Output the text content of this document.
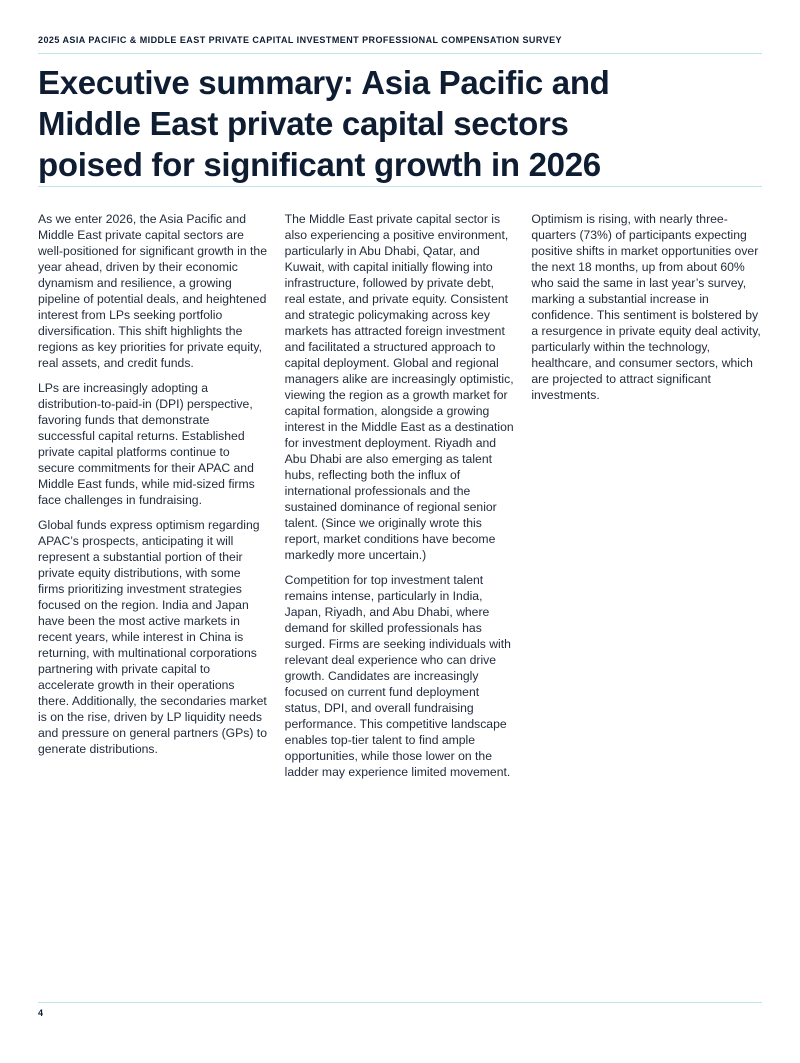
2025 ASIA PACIFIC & MIDDLE EAST PRIVATE CAPITAL INVESTMENT PROFESSIONAL COMPENSATION SURVEY
Executive summary: Asia Pacific and Middle East private capital sectors poised for significant growth in 2026

As we enter 2026, the Asia Pacific and Middle East private capital sectors are well-positioned for significant growth in the year ahead, driven by their economic dynamism and resilience, a growing pipeline of potential deals, and heightened interest from LPs seeking portfolio diversification. This shift highlights the regions as key priorities for private equity, real assets, and credit funds.

LPs are increasingly adopting a distribution-to-paid-in (DPI) perspective, favoring funds that demonstrate successful capital returns. Established private capital platforms continue to secure commitments for their APAC and Middle East funds, while mid-sized firms face challenges in fundraising.

Global funds express optimism regarding APAC’s prospects, anticipating it will represent a substantial portion of their private equity distributions, with some firms prioritizing investment strategies focused on the region. India and Japan have been the most active markets in recent years, while interest in China is returning, with multinational corporations partnering with private capital to accelerate growth in their operations there. Additionally, the secondaries market is on the rise, driven by LP liquidity needs and pressure on general partners (GPs) to generate distributions.

The Middle East private capital sector is also experiencing a positive environment, particularly in Abu Dhabi, Qatar, and Kuwait, with capital initially flowing into infrastructure, followed by private debt, real estate, and private equity. Consistent and strategic policymaking across key markets has attracted foreign investment and facilitated a structured approach to capital deployment. Global and regional managers alike are increasingly optimistic, viewing the region as a growth market for capital formation, alongside a growing interest in the Middle East as a destination for investment deployment. Riyadh and Abu Dhabi are also emerging as talent hubs, reflecting both the influx of international professionals and the sustained dominance of regional senior talent. (Since we originally wrote this report, market conditions have become markedly more uncertain.)

Competition for top investment talent remains intense, particularly in India, Japan, Riyadh, and Abu Dhabi, where demand for skilled professionals has surged. Firms are seeking individuals with relevant deal experience who can drive growth. Candidates are increasingly focused on current fund deployment status, DPI, and overall fundraising performance. This competitive landscape enables top-tier talent to find ample opportunities, while those lower on the ladder may experience limited movement.

Optimism is rising, with nearly three-quarters (73%) of participants expecting positive shifts in market opportunities over the next 18 months, up from about 60% who said the same in last year’s survey, marking a substantial increase in confidence. This sentiment is bolstered by a resurgence in private equity deal activity, particularly within the technology, healthcare, and consumer sectors, which are projected to attract significant investments.

4
